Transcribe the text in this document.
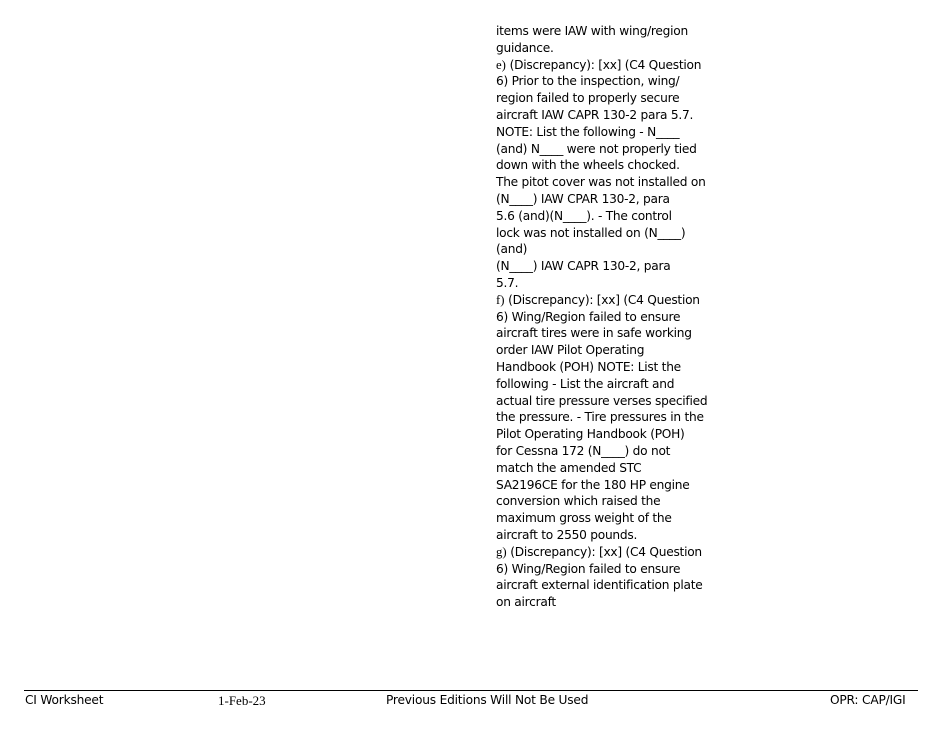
items were IAW with wing/region
guidance.
e) (Discrepancy): [xx] (C4 Question
6) Prior to the inspection, wing/
region failed to properly secure
aircraft IAW CAPR 130-2 para 5.7.
NOTE: List the following - N____
(and) N____ were not properly tied
down with the wheels chocked.
The pitot cover was not installed on
(N____) IAW CPAR 130-2, para
5.6 (and)(N____). - The control
lock was not installed on (N____)
(and)
(N____) IAW CAPR 130-2, para
5.7.
f) (Discrepancy): [xx] (C4 Question
6) Wing/Region failed to ensure
aircraft tires were in safe working
order IAW Pilot Operating
Handbook (POH) NOTE: List the
following - List the aircraft and
actual tire pressure verses specified
the pressure. - Tire pressures in the
Pilot Operating Handbook (POH)
for Cessna 172 (N____) do not
match the amended STC
SA2196CE for the 180 HP engine
conversion which raised the
maximum gross weight of the
aircraft to 2550 pounds.
g) (Discrepancy): [xx] (C4 Question
6) Wing/Region failed to ensure
aircraft external identification plate
on aircraft
CI Worksheet	1-Feb-23	Previous Editions Will Not Be Used	OPR: CAP/IGI
